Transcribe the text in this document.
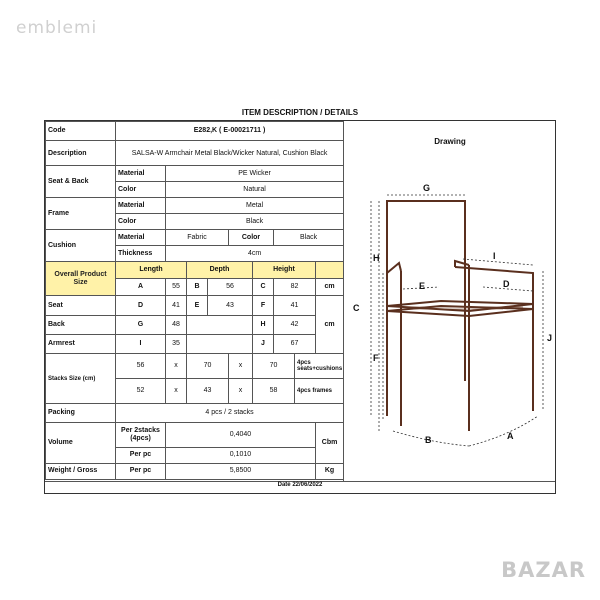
emblemi
ITEM DESCRIPTION / DETAILS
Code	E282,K ( E-00021711 )								
Description	SALSA-W Armchair Metal Black/Wicker Natural, Cushion Black								
Seat & Back	Material	PE Wicker							
	Color	Natural							
Frame	Material	Metal							
	Color	Black							
Cushion	Material	Fabric			Color		Black		
	Thickness	4cm							
Overall Product Size	Length		Depth			Height			
	A	55	B	56		C	82		cm
Seat	D	41	E	43		F	41		cm
Back	G	48				H	42		
Armrest	I	35				J	67		
Stacks Size (cm)	56	x	70		x	70		4pcs seats+cushions	
	52	x	43		x	58		4pcs frames	
Packing	4 pcs / 2 stacks								
Volume	Per 2stacks (4pcs)	0,4040							Cbm
	Per pc	0,1010							
Weight / Gross	Per pc	5,8500							Kg

Drawing
G
H
C
F
I
E	D
J
B	A
Date 22/06/2022
BAZAR
